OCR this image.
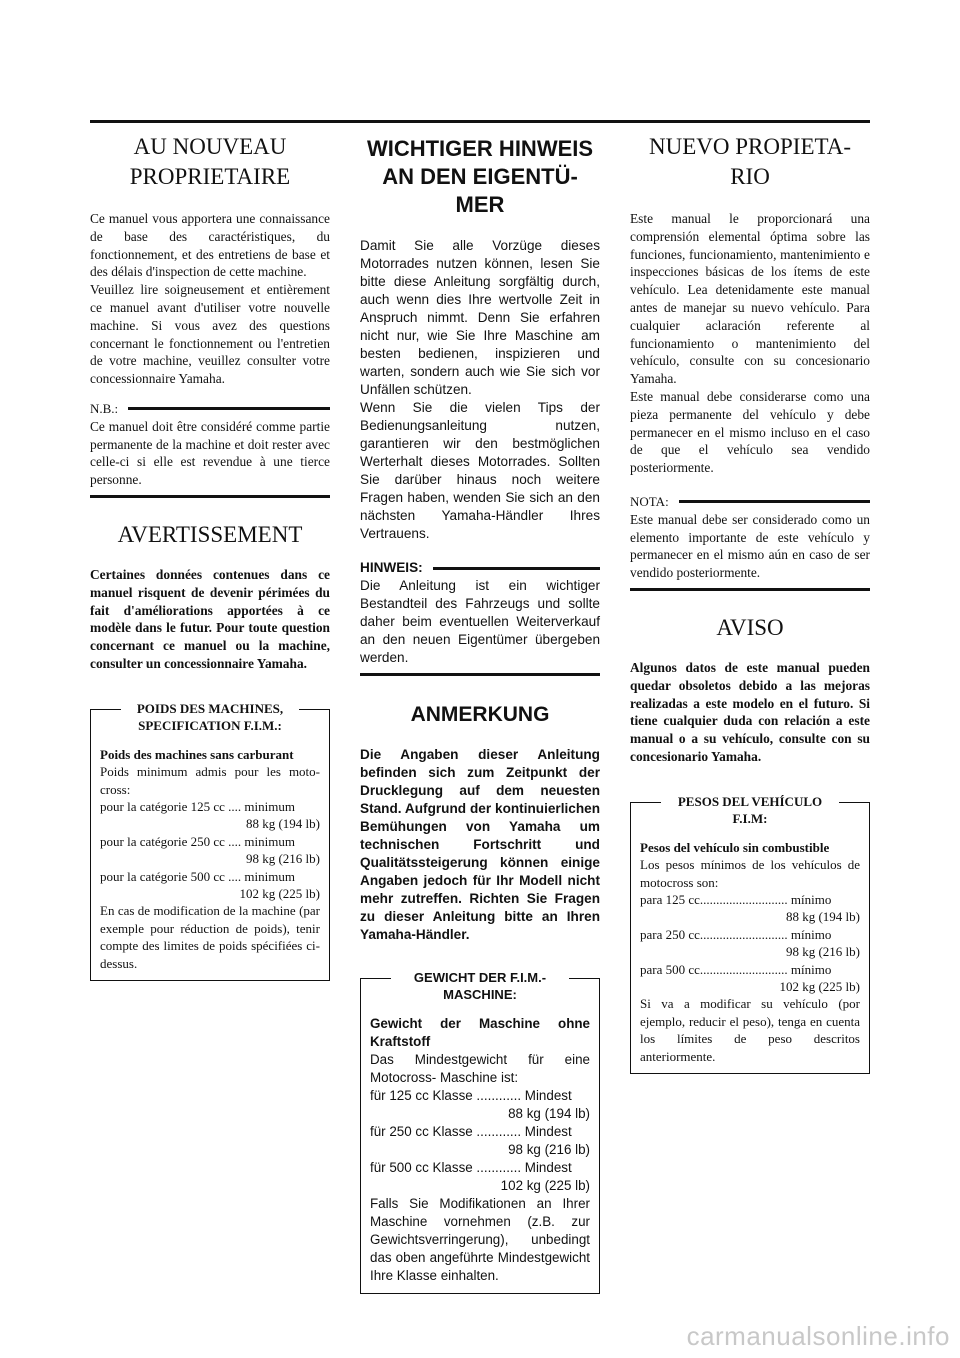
AU NOUVEAU PROPRIETAIRE

Ce manuel vous apportera une connaissance de base des caractéristiques, du fonctionnement, et des entretiens de base et des délais d'inspection de cette machine.

Veuillez lire soigneusement et entièrement ce manuel avant d'utiliser votre nouvelle machine. Si vous avez des questions concernant le fonctionnement ou l'entretien de votre machine, veuillez consulter votre concessionnaire Yamaha.

N.B.:

Ce manuel doit être considéré comme partie permanente de la machine et doit rester avec celle-ci si elle est revendue à une tierce personne.

AVERTISSEMENT

Certaines données contenues dans ce manuel risquent de devenir périmées du fait d'améliorations apportées à ce modèle dans le futur. Pour toute question concernant ce manuel ou la machine, consulter un concessionnaire Yamaha.

POIDS DES MACHINES, SPECIFICATION F.I.M.:

Poids des machines sans carburant

Poids minimum admis pour les moto-cross:

pour la catégorie 125 cc .... minimum

88 kg (194 lb)

pour la catégorie 250 cc .... minimum

98 kg (216 lb)

pour la catégorie 500 cc .... minimum

102 kg (225 lb)

En cas de modification de la machine (par exemple pour réduction de poids), tenir compte des limites de poids spécifiées ci-dessus.

WICHTIGER HINWEIS AN DEN EIGENTÜ-MER

Damit Sie alle Vorzüge dieses Motorrades nutzen können, lesen Sie bitte diese Anleitung sorgfältig durch, auch wenn dies Ihre wertvolle Zeit in Anspruch nimmt. Denn Sie erfahren nicht nur, wie Sie Ihre Maschine am besten bedienen, inspizieren und warten, sondern auch wie Sie sich vor Unfällen schützen.

Wenn Sie die vielen Tips der Bedienungsanleitung nutzen, garantieren wir den bestmöglichen Werterhalt dieses Motorrades. Sollten Sie darüber hinaus noch weitere Fragen haben, wenden Sie sich an den nächsten Yamaha-Händler Ihres Vertrauens.

HINWEIS:

Die Anleitung ist ein wichtiger Bestandteil des Fahrzeugs und sollte daher beim eventuellen Weiterverkauf an den neuen Eigentümer übergeben werden.

ANMERKUNG

Die Angaben dieser Anleitung befinden sich zum Zeitpunkt der Drucklegung auf dem neuesten Stand. Aufgrund der kontinuierlichen Bemühungen von Yamaha um technischen Fortschritt und Qualitätssteigerung können einige Angaben jedoch für Ihr Modell nicht mehr zutreffen. Richten Sie Fragen zu dieser Anleitung bitte an Ihren Yamaha-Händler.

GEWICHT DER F.I.M.-MASCHINE:

Gewicht der Maschine ohne Kraftstoff

Das Mindestgewicht für eine Motocross- Maschine ist:

für 125 cc Klasse ............ Mindest

88 kg (194 lb)

für 250 cc Klasse ............ Mindest

98 kg (216 lb)

für 500 cc Klasse ............ Mindest

102 kg (225 lb)

Falls Sie Modifikationen an Ihrer Maschine vornehmen (z.B. zur Gewichtsverringerung), unbedingt das oben angeführte Mindestgewicht Ihre Klasse einhalten.

NUEVO PROPIETA-RIO

Este manual le proporcionará una comprensión elemental óptima sobre las funciones, funcionamiento, mantenimiento e inspecciones básicas de los ítems de este vehículo. Lea detenidamente este manual antes de manejar su nuevo vehículo. Para cualquier aclaración referente al funcionamiento o mantenimiento del vehículo, consulte con su concesionario Yamaha.

Este manual debe considerarse como una pieza permanente del vehículo y debe permanecer en el mismo incluso en el caso de que el vehículo sea vendido posteriormente.

NOTA:

Este manual debe ser considerado como un elemento importante de este vehículo y permanecer en el mismo aún en caso de ser vendido posteriormente.

AVISO

Algunos datos de este manual pueden quedar obsoletos debido a las mejoras realizadas a este modelo en el futuro. Si tiene cualquier duda con relación a este manual o a su vehículo, consulte con su concesionario Yamaha.

PESOS DEL VEHÍCULO F.I.M:

Pesos del vehículo sin combustible

Los pesos mínimos de los vehículos de motocross son:

para 125 cc........................... mínimo

88 kg (194 lb)

para 250 cc........................... mínimo

98 kg (216 lb)

para 500 cc........................... mínimo

102 kg (225 lb)

Si va a modificar su vehículo (por ejemplo, reducir el peso), tenga en cuenta los límites de peso descritos anteriormente.

carmanualsonline.info
